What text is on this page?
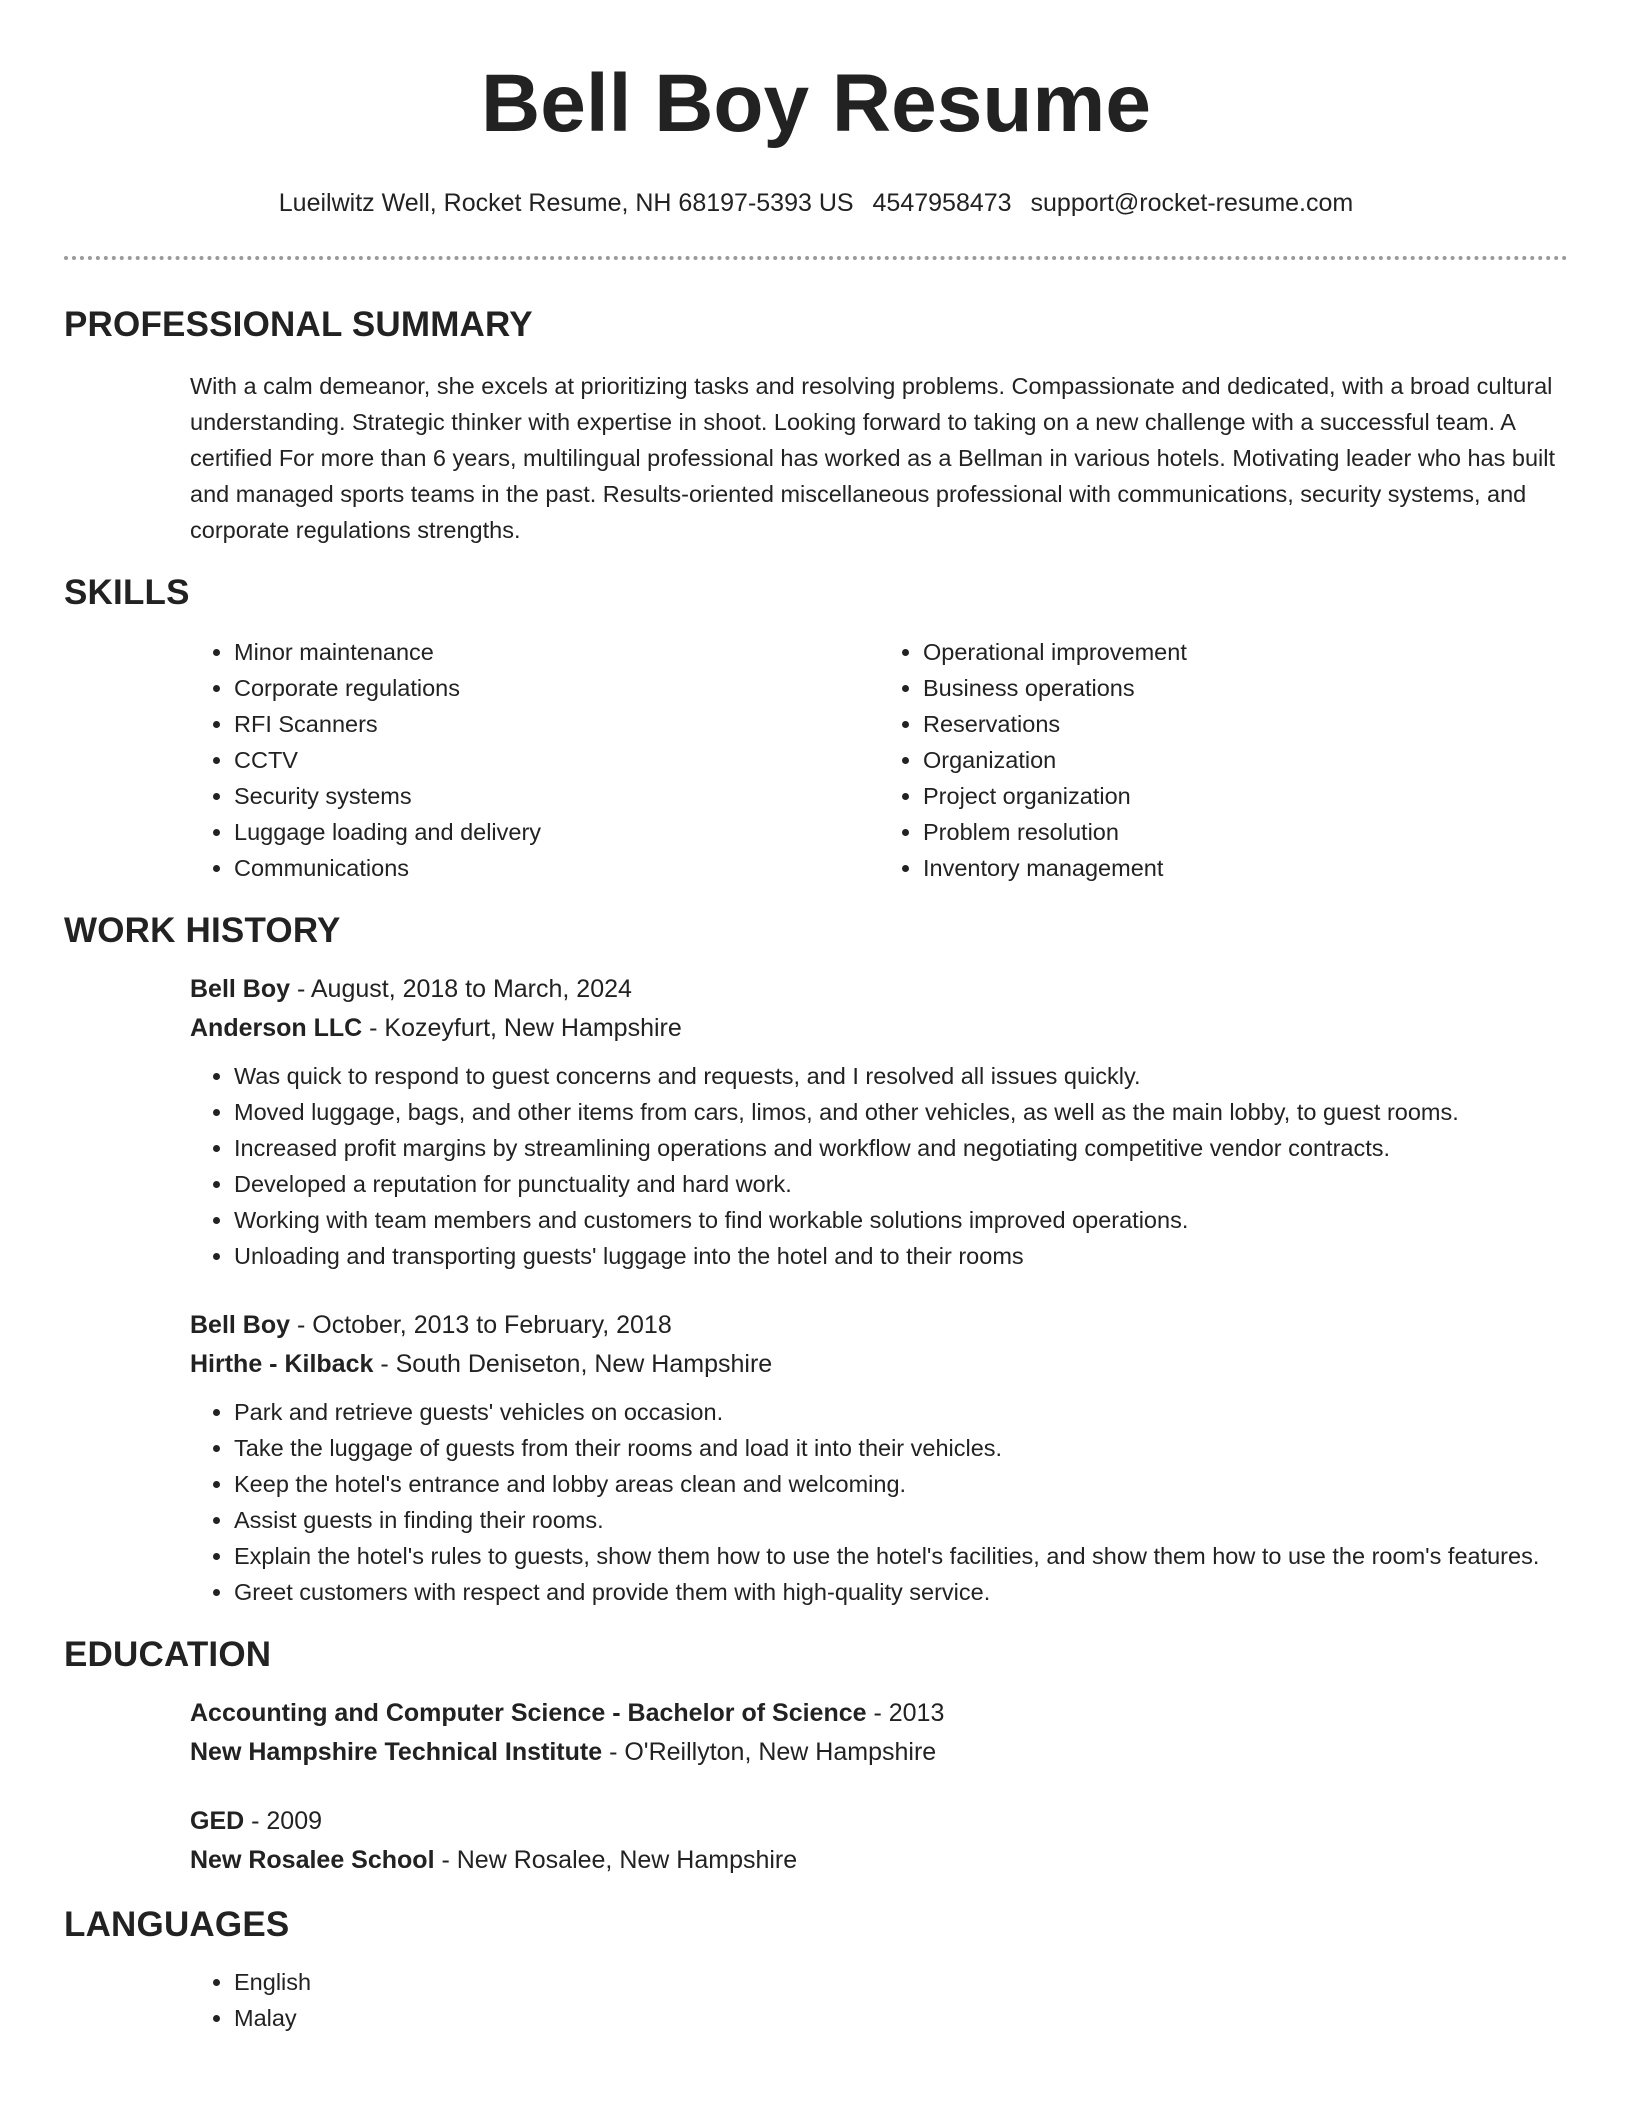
Bell Boy Resume
Lueilwitz Well, Rocket Resume, NH 68197-5393 US 4547958473 support@rocket-resume.com
PROFESSIONAL SUMMARY
With a calm demeanor, she excels at prioritizing tasks and resolving problems. Compassionate and dedicated, with a broad cultural understanding. Strategic thinker with expertise in shoot. Looking forward to taking on a new challenge with a successful team. A certified For more than 6 years, multilingual professional has worked as a Bellman in various hotels. Motivating leader who has built and managed sports teams in the past. Results-oriented miscellaneous professional with communications, security systems, and corporate regulations strengths.
SKILLS
• Minor maintenance
• Corporate regulations
• RFI Scanners
• CCTV
• Security systems
• Luggage loading and delivery
• Communications
• Operational improvement
• Business operations
• Reservations
• Organization
• Project organization
• Problem resolution
• Inventory management
WORK HISTORY
Bell Boy - August, 2018 to March, 2024
Anderson LLC - Kozeyfurt, New Hampshire
• Was quick to respond to guest concerns and requests, and I resolved all issues quickly.
• Moved luggage, bags, and other items from cars, limos, and other vehicles, as well as the main lobby, to guest rooms.
• Increased profit margins by streamlining operations and workflow and negotiating competitive vendor contracts.
• Developed a reputation for punctuality and hard work.
• Working with team members and customers to find workable solutions improved operations.
• Unloading and transporting guests' luggage into the hotel and to their rooms
Bell Boy - October, 2013 to February, 2018
Hirthe - Kilback - South Deniseton, New Hampshire
• Park and retrieve guests' vehicles on occasion.
• Take the luggage of guests from their rooms and load it into their vehicles.
• Keep the hotel's entrance and lobby areas clean and welcoming.
• Assist guests in finding their rooms.
• Explain the hotel's rules to guests, show them how to use the hotel's facilities, and show them how to use the room's features.
• Greet customers with respect and provide them with high-quality service.
EDUCATION
Accounting and Computer Science - Bachelor of Science - 2013
New Hampshire Technical Institute - O'Reillyton, New Hampshire
GED - 2009
New Rosalee School - New Rosalee, New Hampshire
LANGUAGES
• English
• Malay
